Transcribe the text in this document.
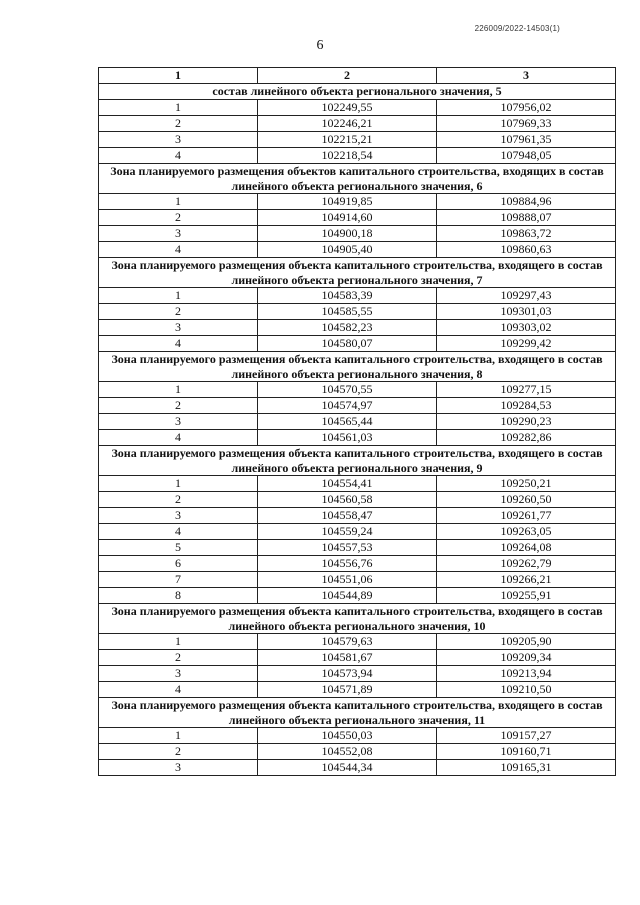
226009/2022-14503(1)
6
1	2	3
состав линейного объекта регионального значения, 5		
1	102249,55	107956,02
2	102246,21	107969,33
3	102215,21	107961,35
4	102218,54	107948,05
Зона планируемого размещения объектов капитального строительства, входящих в состав линейного объекта регионального значения, 6		
1	104919,85	109884,96
2	104914,60	109888,07
3	104900,18	109863,72
4	104905,40	109860,63
Зона планируемого размещения объекта капитального строительства, входящего в состав линейного объекта регионального значения, 7		
1	104583,39	109297,43
2	104585,55	109301,03
3	104582,23	109303,02
4	104580,07	109299,42
Зона планируемого размещения объекта капитального строительства, входящего в состав линейного объекта регионального значения, 8		
1	104570,55	109277,15
2	104574,97	109284,53
3	104565,44	109290,23
4	104561,03	109282,86
Зона планируемого размещения объекта капитального строительства, входящего в состав линейного объекта регионального значения, 9		
1	104554,41	109250,21
2	104560,58	109260,50
3	104558,47	109261,77
4	104559,24	109263,05
5	104557,53	109264,08
6	104556,76	109262,79
7	104551,06	109266,21
8	104544,89	109255,91
Зона планируемого размещения объекта капитального строительства, входящего в состав линейного объекта регионального значения, 10		
1	104579,63	109205,90
2	104581,67	109209,34
3	104573,94	109213,94
4	104571,89	109210,50
Зона планируемого размещения объекта капитального строительства, входящего в состав линейного объекта регионального значения, 11		
1	104550,03	109157,27
2	104552,08	109160,71
3	104544,34	109165,31
